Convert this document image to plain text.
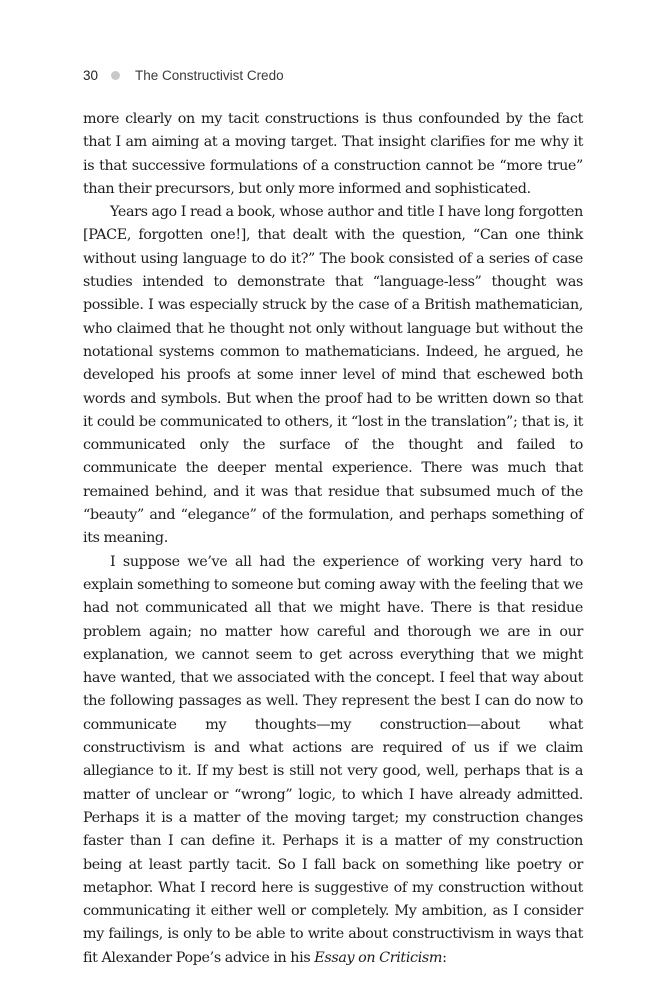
30	The Constructivist Credo

more clearly on my tacit constructions is thus confounded by the fact that I am aiming at a moving target. That insight clarifies for me why it is that successive formulations of a construction cannot be “more true” than their precursors, but only more informed and sophisticated.

Years ago I read a book, whose author and title I have long forgotten [PACE, forgotten one!], that dealt with the question, “Can one think without using language to do it?” The book consisted of a series of case studies intended to demonstrate that “language-less” thought was possible. I was especially struck by the case of a British mathematician, who claimed that he thought not only without language but without the notational systems common to mathematicians. Indeed, he argued, he developed his proofs at some inner level of mind that eschewed both words and symbols. But when the proof had to be written down so that it could be communicated to others, it “lost in the translation”; that is, it communicated only the surface of the thought and failed to communicate the deeper mental experience. There was much that remained behind, and it was that residue that subsumed much of the “beauty” and “elegance” of the formulation, and perhaps something of its meaning.

I suppose we’ve all had the experience of working very hard to explain something to someone but coming away with the feeling that we had not communicated all that we might have. There is that residue problem again; no matter how careful and thorough we are in our explanation, we cannot seem to get across everything that we might have wanted, that we associated with the concept. I feel that way about the following passages as well. They represent the best I can do now to communicate my thoughts—my construction—about what constructivism is and what actions are required of us if we claim allegiance to it. If my best is still not very good, well, perhaps that is a matter of unclear or “wrong” logic, to which I have already admitted. Perhaps it is a matter of the moving target; my construction changes faster than I can define it. Perhaps it is a matter of my construction being at least partly tacit. So I fall back on something like poetry or metaphor. What I record here is suggestive of my construction without communicating it either well or completely. My ambition, as I consider my failings, is only to be able to write about constructivism in ways that fit Alexander Pope’s advice in his Essay on Criticism:
